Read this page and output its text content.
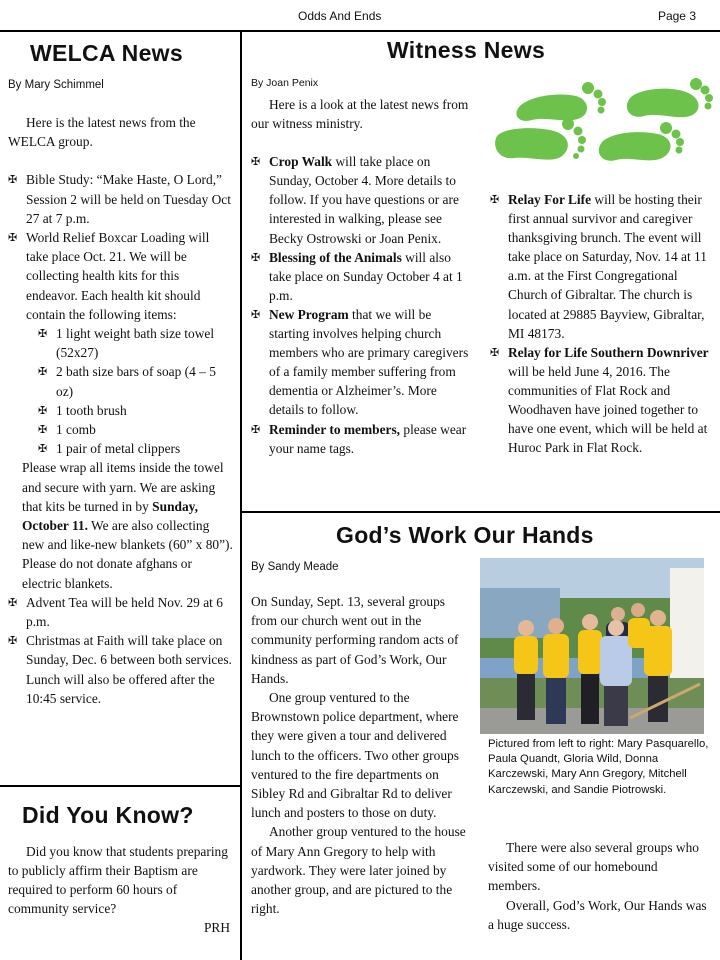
Odds And Ends	Page 3
WELCA News
By Mary Schimmel

Here is the latest news from the WELCA group.

✠ Bible Study: “Make Haste, O Lord,” Session 2 will be held on Tuesday Oct 27 at 7 p.m.
✠ World Relief Boxcar Loading will take place Oct. 21. We will be collecting health kits for this endeavor. Each health kit should contain the following items:
✠ 1 light weight bath size towel (52x27)
✠ 2 bath size bars of soap (4 – 5 oz)
✠ 1 tooth brush
✠ 1 comb
✠ 1 pair of metal clippers

Please wrap all items inside the towel and secure with yarn. We are asking that kits be turned in by Sunday, October 11. We are also collecting new and like-new blankets (60” x 80”).

Please do not donate afghans or electric blankets.

✠ Advent Tea will be held Nov. 29 at 6 p.m.
✠ Christmas at Faith will take place on Sunday, Dec. 6 between both services. Lunch will also be offered after the 10:45 service.
Did You Know?

Did you know that students preparing to publicly affirm their Baptism are required to perform 60 hours of community service?

PRH

Witness News
By Joan Penix

Here is a look at the latest news from our witness ministry.

✠ Crop Walk will take place on Sunday, October 4. More details to follow. If you have questions or are interested in walking, please see Becky Ostrowski or Joan Penix.
✠ Blessing of the Animals will also take place on Sunday October 4 at 1 p.m.
✠ New Program that we will be starting involves helping church members who are primary caregivers of a family member suffering from dementia or Alzheimer’s. More details to follow.
✠ Reminder to members, please wear your name tags.
✠ Relay For Life will be hosting their first annual survivor and caregiver thanksgiving brunch. The event will take place on Saturday, Nov. 14 at 11 a.m. at the First Congregational Church of Gibraltar. The church is located at 29885 Bayview, Gibraltar, MI 48173.
✠ Relay for Life Southern Downriver will be held June 4, 2016. The communities of Flat Rock and Woodhaven have joined together to have one event, which will be held at Huroc Park in Flat Rock.
God’s Work Our Hands
By Sandy Meade

On Sunday, Sept. 13, several groups from our church went out in the community performing random acts of kindness as part of God’s Work, Our Hands.

One group ventured to the Brownstown police department, where they were given a tour and delivered lunch to the officers. Two other groups ventured to the fire departments on Sibley Rd and Gibraltar Rd to deliver lunch and posters to those on duty.

Another group ventured to the house of Mary Ann Gregory to help with yardwork. They were later joined by another group, and are pictured to the right.

Pictured from left to right: Mary Pasquarello, Paula Quandt, Gloria Wild, Donna Karczewski, Mary Ann Gregory, Mitchell Karczewski, and Sandie Piotrowski.

There were also several groups who visited some of our homebound members.

Overall, God’s Work, Our Hands was a huge success.
